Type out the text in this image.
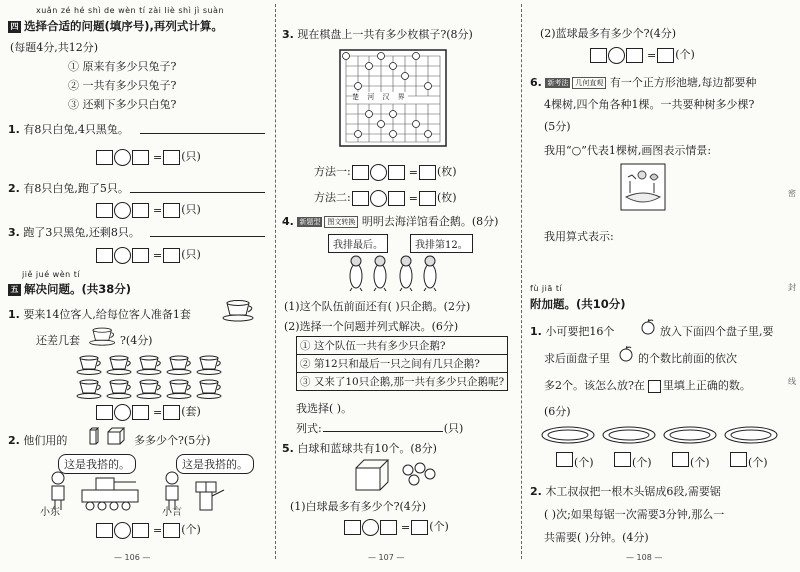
xuǎn zé hé shì de wèn tí zài liè shì jì suàn
四 选择合适的问题(填序号),再列式计算。
(每题4分,共12分)
① 原来有多少只兔子?
② 一共有多少只兔子?
③ 还剩下多少只白兔?
1. 有8只白兔,4只黑兔。
= (只)
2. 有8只白兔,跑了5只。
= (只)
3. 跑了3只黑兔,还剩8只。
= (只)
jiě jué wèn tí
五 解决问题。(共38分)
1. 要来14位客人,给每位客人准备1套
还差几套	?(4分)
= (套)
2. 他们用的	多多少个?(5分)
这是我搭的。	这是我搭的。
小东	小言
= (个)
— 106 —
3. 现在棋盘上一共有多少枚棋子?(8分)
楚 河 汉 界
方法一:	= (枚)
方法二:	= (枚)
4. 新题型 图文转换 明明去海洋馆看企鹅。(8分)
我排最后。	我排第12。
(1)这个队伍前面还有( )只企鹅。(2分)
(2)选择一个问题并列式解决。(6分)
① 这个队伍一共有多少只企鹅?
② 第12只和最后一只之间有几只企鹅?
③ 又来了10只企鹅,那一共有多少只企鹅呢?
我选择( )。
列式:	(只)
5. 白球和蓝球共有10个。(8分)
(1)白球最多有多少个?(4分)
= (个)
— 107 —
(2)蓝球最多有多少个?(4分)
= (个)
6. 新考法 几何直观 有一个正方形池塘,每边都要种
4棵树,四个角各种1棵。一共要种树多少棵?
(5分)
我用“○”代表1棵树,画图表示情景:
我用算式表示:
fù jiā tí
附加题。(共10分)
1. 小可要把16个	放入下面四个盘子里,要
求后面盘子里	的个数比前面的依次
多2个。该怎么放?在 里填上正确的数。
(6分)
(个)	(个)	(个)	(个)
2. 木工叔叔把一根木头锯成6段,需要锯
( )次;如果每锯一次需要3分钟,那么一
共需要( )分钟。(4分)
— 108 —
密
封
线
